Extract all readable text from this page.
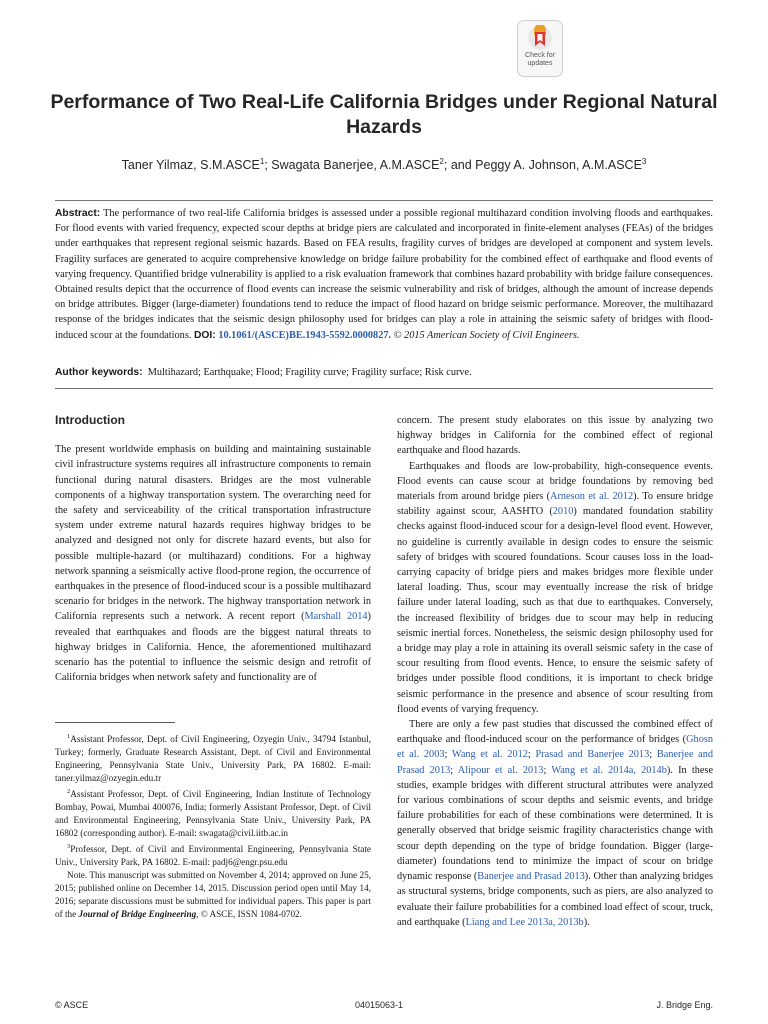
Check for
updates
Performance of Two Real-Life California Bridges under Regional Natural Hazards
Taner Yilmaz, S.M.ASCE$^1$; Swagata Banerjee, A.M.ASCE$^2$; and Peggy A. Johnson, A.M.ASCE$^3$

Abstract: The performance of two real-life California bridges is assessed under a possible regional multihazard condition involving floods and earthquakes. For flood events with varied frequency, expected scour depths at bridge piers are calculated and incorporated in finite-element analyses (FEAs) of the bridges under earthquakes that represent regional seismic hazards. Based on FEA results, fragility curves of bridges are developed at component and system levels. Fragility surfaces are generated to acquire comprehensive knowledge on bridge failure probability for the combined effect of earthquake and flood events of varying frequency. Quantified bridge vulnerability is applied to a risk evaluation framework that combines hazard probability with bridge failure consequences. Obtained results depict that the occurrence of flood events can increase the seismic vulnerability and risk of bridges, although the amount of increase depends on bridge attributes. Bigger (large-diameter) foundations tend to reduce the impact of flood hazard on bridge seismic performance. Moreover, the multihazard response of the bridges indicates that the seismic design philosophy used for bridges can play a role in attaining the seismic safety of bridges with flood-induced scour at the foundations. DOI: 10.1061/(ASCE)BE.1943-5592.0000827. © 2015 American Society of Civil Engineers.

Author keywords: Multihazard; Earthquake; Flood; Fragility curve; Fragility surface; Risk curve.

Introduction

The present worldwide emphasis on building and maintaining sustainable civil infrastructure systems requires all infrastructure components to remain functional during natural disasters. Bridges are the most vulnerable components of a highway transportation system. The overarching need for the safety and serviceability of the critical transportation infrastructure system under extreme natural hazards requires highway bridges to be analyzed and designed not only for discrete hazard events, but also for possible multiple-hazard (or multihazard) conditions. For a highway network spanning a seismically active flood-prone region, the occurrence of earthquakes in the presence of flood-induced scour is a possible multihazard scenario for bridges in the network. The highway transportation network in California represents such a network. A recent report (Marshall 2014) revealed that earthquakes and floods are the biggest natural threats to highway bridges in California. Hence, the aforementioned multihazard scenario has the potential to influence the seismic design and retrofit of California bridges when network safety and functionality are of

$^1$Assistant Professor, Dept. of Civil Engineering, Ozyegin Univ., 34794 Istanbul, Turkey; formerly, Graduate Research Assistant, Dept. of Civil and Environmental Engineering, Pennsylvania State Univ., University Park, PA 16802. E-mail: taner.yilmaz@ozyegin.edu.tr

$^2$Assistant Professor, Dept. of Civil Engineering, Indian Institute of Technology Bombay, Powai, Mumbai 400076, India; formerly Assistant Professor, Dept. of Civil and Environmental Engineering, Pennsylvania State Univ., University Park, PA 16802 (corresponding author). E-mail: swagata@civil.iitb.ac.in

$^3$Professor, Dept. of Civil and Environmental Engineering, Pennsylvania State Univ., University Park, PA 16802. E-mail: padj6@engr.psu.edu

Note. This manuscript was submitted on November 4, 2014; approved on June 25, 2015; published online on December 14, 2015. Discussion period open until May 14, 2016; separate discussions must be submitted for individual papers. This paper is part of the Journal of Bridge Engineering, © ASCE, ISSN 1084-0702.

concern. The present study elaborates on this issue by analyzing two highway bridges in California for the combined effect of regional earthquake and flood hazards.

Earthquakes and floods are low-probability, high-consequence events. Flood events can cause scour at bridge foundations by removing bed materials from around bridge piers (Arneson et al. 2012). To ensure bridge stability against scour, AASHTO (2010) mandated foundation stability checks against flood-induced scour for a design-level flood event. However, no guideline is currently available in design codes to ensure the seismic safety of bridges with scoured foundations. Scour causes loss in the load-carrying capacity of bridge piers and makes bridges more flexible under lateral loading. Thus, scour may eventually increase the risk of bridge failure under lateral loading, such as that due to earthquakes. Conversely, the increased flexibility of bridges due to scour may help in reducing seismic inertial forces. Nonetheless, the seismic design philosophy used for a bridge may play a role in attaining its overall seismic safety in the case of scour resulting from flood events. Hence, to ensure the seismic safety of bridges under possible flood conditions, it is important to check bridge seismic performance in the presence and absence of scour resulting from flood events of varying frequency.

There are only a few past studies that discussed the combined effect of earthquake and flood-induced scour on the performance of bridges (Ghosn et al. 2003; Wang et al. 2012; Prasad and Banerjee 2013; Banerjee and Prasad 2013; Alipour et al. 2013; Wang et al. 2014a, 2014b). In these studies, example bridges with different structural attributes were analyzed for various combinations of scour depths and seismic events, and bridge failure probabilities for each of these combinations were determined. It is generally observed that bridge seismic fragility characteristics change with scour depth depending on the type of bridge foundation. Bigger (large-diameter) foundations tend to minimize the impact of scour on bridge dynamic response (Banerjee and Prasad 2013). Other than analyzing bridges as structural systems, bridge components, such as piers, are also analyzed to evaluate their failure probabilities for a combined load effect of scour, truck, and earthquake (Liang and Lee 2013a, 2013b).

© ASCE	04015063-1	J. Bridge Eng.
